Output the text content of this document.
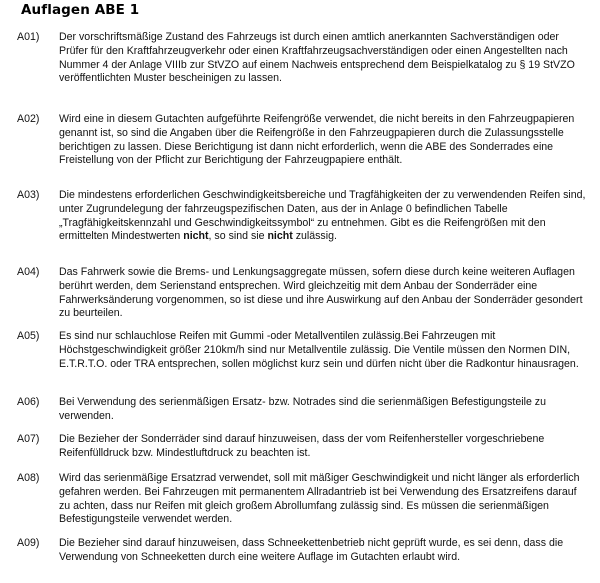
Auflagen ABE 1
A01)	Der vorschriftsmäßige Zustand des Fahrzeugs ist durch einen amtlich anerkannten Sachverständigen oder Prüfer für den Kraftfahrzeugverkehr oder einen Kraftfahrzeugsachverständigen oder einen Angestellten nach Nummer 4 der Anlage VIIIb zur StVZO auf einem Nachweis entsprechend dem Beispielkatalog zu § 19 StVZO veröffentlichten Muster bescheinigen zu lassen.
A02)	Wird eine in diesem Gutachten aufgeführte Reifengröße verwendet, die nicht bereits in den Fahrzeugpapieren genannt ist, so sind die Angaben über die Reifengröße in den Fahrzeugpapieren durch die Zulassungsstelle berichtigen zu lassen. Diese Berichtigung ist dann nicht erforderlich, wenn die ABE des Sonderrades eine Freistellung von der Pflicht zur Berichtigung der Fahrzeugpapiere enthält.
A03)	Die mindestens erforderlichen Geschwindigkeitsbereiche und Tragfähigkeiten der zu verwendenden Reifen sind, unter Zugrundelegung der fahrzeugspezifischen Daten, aus der in Anlage 0 befindlichen Tabelle „Tragfähigkeitskennzahl und Geschwindigkeitssymbol“ zu entnehmen. Gibt es die Reifengrößen mit den ermittelten Mindestwerten nicht, so sind sie nicht zulässig.
A04)	Das Fahrwerk sowie die Brems- und Lenkungsaggregate müssen, sofern diese durch keine weiteren Auflagen berührt werden, dem Serienstand entsprechen. Wird gleichzeitig mit dem Anbau der Sonderräder eine Fahrwerksänderung vorgenommen, so ist diese und ihre Auswirkung auf den Anbau der Sonderräder gesondert zu beurteilen.
A05)	Es sind nur schlauchlose Reifen mit Gummi -oder Metallventilen zulässig.Bei Fahrzeugen mit Höchstgeschwindigkeit größer 210km/h sind nur Metallventile zulässig. Die Ventile müssen den Normen DIN, E.T.R.T.O. oder TRA entsprechen, sollen möglichst kurz sein und dürfen nicht über die Radkontur hinausragen.
A06)	Bei Verwendung des serienmäßigen Ersatz- bzw. Notrades sind die serienmäßigen Befestigungsteile zu verwenden.
A07)	Die Bezieher der Sonderräder sind darauf hinzuweisen, dass der vom Reifenhersteller vorgeschriebene Reifenfülldruck bzw. Mindestluftdruck zu beachten ist.
A08)	Wird das serienmäßige Ersatzrad verwendet, soll mit mäßiger Geschwindigkeit und nicht länger als erforderlich gefahren werden. Bei Fahrzeugen mit permanentem Allradantrieb ist bei Verwendung des Ersatzreifens darauf zu achten, dass nur Reifen mit gleich großem Abrollumfang zulässig sind. Es müssen die serienmäßigen Befestigungsteile verwendet werden.
A09)	Die Bezieher sind darauf hinzuweisen, dass Schneekettenbetrieb nicht geprüft wurde, es sei denn, dass die Verwendung von Schneeketten durch eine weitere Auflage im Gutachten erlaubt wird.
